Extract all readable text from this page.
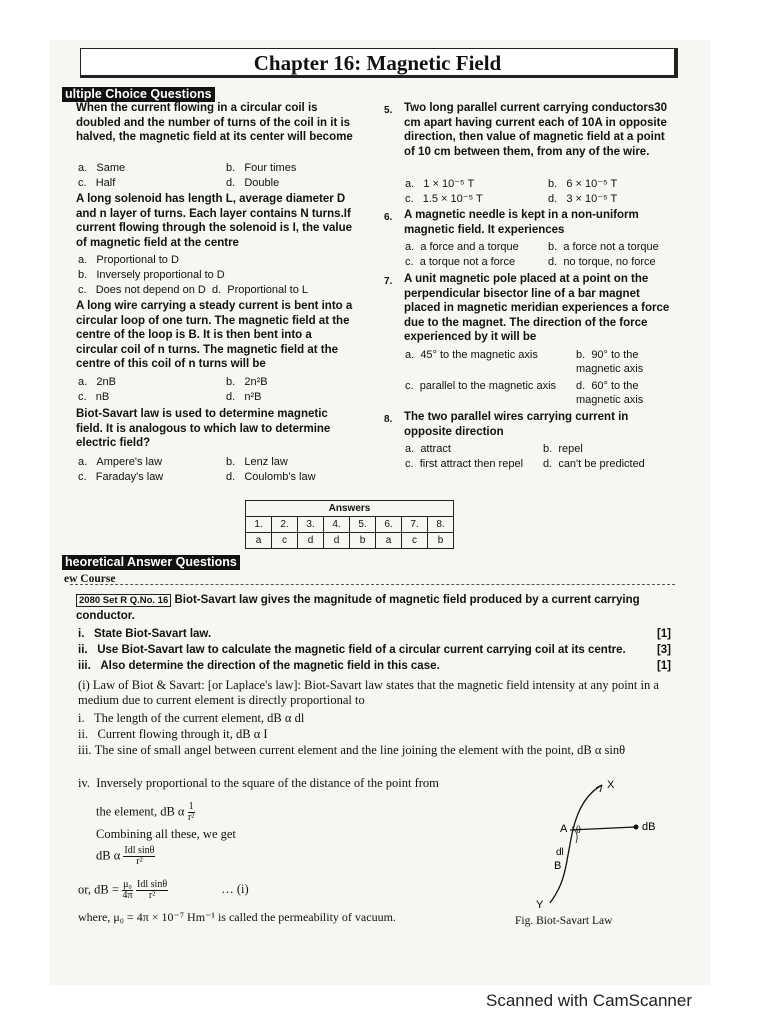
Chapter 16: Magnetic Field
ultiple Choice Questions
When the current flowing in a circular coil is doubled and the number of turns of the coil in it is halved, the magnetic field at its center will become
a. Same	b. Four times
c. Half	d. Double
A long solenoid has length L, average diameter D and n layer of turns. Each layer contains N turns.If current flowing through the solenoid is I, the value of magnetic field at the centre
a. Proportional to D
b. Inversely proportional to D
c. Does not depend on D d. Proportional to L
A long wire carrying a steady current is bent into a circular loop of one turn. The magnetic field at the centre of the loop is B. It is then bent into a circular coil of n turns. The magnetic field at the centre of this coil of n turns will be
a. 2nB	b. 2n²B
c. nB	d. n²B
Biot-Savart law is used to determine magnetic field. It is analogous to which law to determine electric field?
a. Ampere's law	b. Lenz law
c. Faraday's law	d. Coulomb's law
5. Two long parallel current carrying conductors30 cm apart having current each of 10A in opposite direction, then value of magnetic field at a point of 10 cm between them, from any of the wire.
a. 1 × 10⁻⁵ T	b. 6 × 10⁻⁵ T
c. 1.5 × 10⁻⁵ T	d. 3 × 10⁻⁵ T
6. A magnetic needle is kept in a non-uniform magnetic field. It experiences
a. a force and a torque	b. a force not a torque
c. a torque not a force	d. no torque, no force
7. A unit magnetic pole placed at a point on the perpendicular bisector line of a bar magnet placed in magnetic meridian experiences a force due to the magnet. The direction of the force experienced by it will be
a. 45° to the magnetic axis	b. 90° to the magnetic axis
c. parallel to the magnetic axis	d. 60° to the magnetic axis
8. The two parallel wires carrying current in opposite direction
a. attract	b. repel
c. first attract then repel d. can't be predicted
Answers							
1.	2.	3.	4.	5.	6.	7.	8.
a	c	d	d	b	a	c	b
heoretical Answer Questions
ew Course
2080 Set R Q.No. 16 Biot-Savart law gives the magnitude of magnetic field produced by a current carrying conductor.
i. State Biot-Savart law.	[1]
ii. Use Biot-Savart law to calculate the magnetic field of a circular current carrying coil at its centre.	[3]
iii. Also determine the direction of the magnetic field in this case.	[1]
(i) Law of Biot & Savart: [or Laplace's law]: Biot-Savart law states that the magnetic field intensity at any point in a medium due to current element is directly proportional to
i. The length of the current element, dB α dl
ii. Current flowing through it, dB α I
iii. The sine of small angel between current element and the line joining the element with the point, dB α sinθ
iv. Inversely proportional to the square of the distance of the point from
the element, dB α $\frac{1}{\text{r²}}$
Combining all these, we get
dB α $\frac{\text{Idl sinθ}}{\text{r²}}$
or, dB = $\frac{\text{μ₀}}{4\pi}$
$\frac{\text{Idl sinθ}}{\text{r²}}$	… (i)
where, μ₀ = 4π × 10⁻⁷ Hm⁻¹ is called the permeability of vacuum.
X
Y
A θ
dl
B
dB
Fig. Biot-Savart Law
Scanned with CamScanner
